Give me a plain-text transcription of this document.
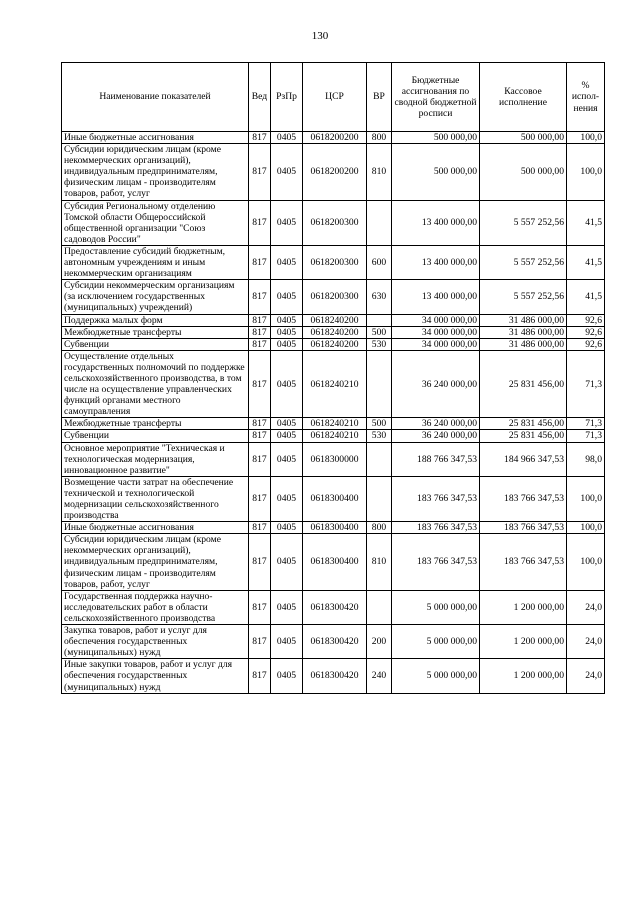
130
Наименование показателей	Вед	РзПр	ЦСР	ВР	Бюджетные ассигнования по сводной бюджетной росписи	Кассовое исполнение	% испол-нения
Иные бюджетные ассигнования	817	0405	0618200200	800	500 000,00	500 000,00	100,0
Субсидии юридическим лицам (кроме некоммерческих организаций), индивидуальным предпринимателям, физическим лицам - производителям товаров, работ, услуг	817	0405	0618200200	810	500 000,00	500 000,00	100,0
Субсидия Региональному отделению Томской области Общероссийской общественной организации "Союз садоводов России"	817	0405	0618200300		13 400 000,00	5 557 252,56	41,5
Предоставление субсидий бюджетным, автономным учреждениям и иным некоммерческим организациям	817	0405	0618200300	600	13 400 000,00	5 557 252,56	41,5
Субсидии некоммерческим организациям (за исключением государственных (муниципальных) учреждений)	817	0405	0618200300	630	13 400 000,00	5 557 252,56	41,5
Поддержка малых форм	817	0405	0618240200		34 000 000,00	31 486 000,00	92,6
Межбюджетные трансферты	817	0405	0618240200	500	34 000 000,00	31 486 000,00	92,6
Субвенции	817	0405	0618240200	530	34 000 000,00	31 486 000,00	92,6
Осуществление отдельных государственных полномочий по поддержке сельскохозяйственного производства, в том числе на осуществление управленческих функций органами местного самоуправления	817	0405	0618240210		36 240 000,00	25 831 456,00	71,3
Межбюджетные трансферты	817	0405	0618240210	500	36 240 000,00	25 831 456,00	71,3
Субвенции	817	0405	0618240210	530	36 240 000,00	25 831 456,00	71,3
Основное мероприятие "Техническая и технологическая модернизация, инновационное развитие"	817	0405	0618300000		188 766 347,53	184 966 347,53	98,0
Возмещение части затрат на обеспечение технической и технологической модернизации сельскохозяйственного производства	817	0405	0618300400		183 766 347,53	183 766 347,53	100,0
Иные бюджетные ассигнования	817	0405	0618300400	800	183 766 347,53	183 766 347,53	100,0
Субсидии юридическим лицам (кроме некоммерческих организаций), индивидуальным предпринимателям, физическим лицам - производителям товаров, работ, услуг	817	0405	0618300400	810	183 766 347,53	183 766 347,53	100,0
Государственная поддержка научно-исследовательских работ в области сельскохозяйственного производства	817	0405	0618300420		5 000 000,00	1 200 000,00	24,0
Закупка товаров, работ и услуг для обеспечения государственных (муниципальных) нужд	817	0405	0618300420	200	5 000 000,00	1 200 000,00	24,0
Иные закупки товаров, работ и услуг для обеспечения государственных (муниципальных) нужд	817	0405	0618300420	240	5 000 000,00	1 200 000,00	24,0
